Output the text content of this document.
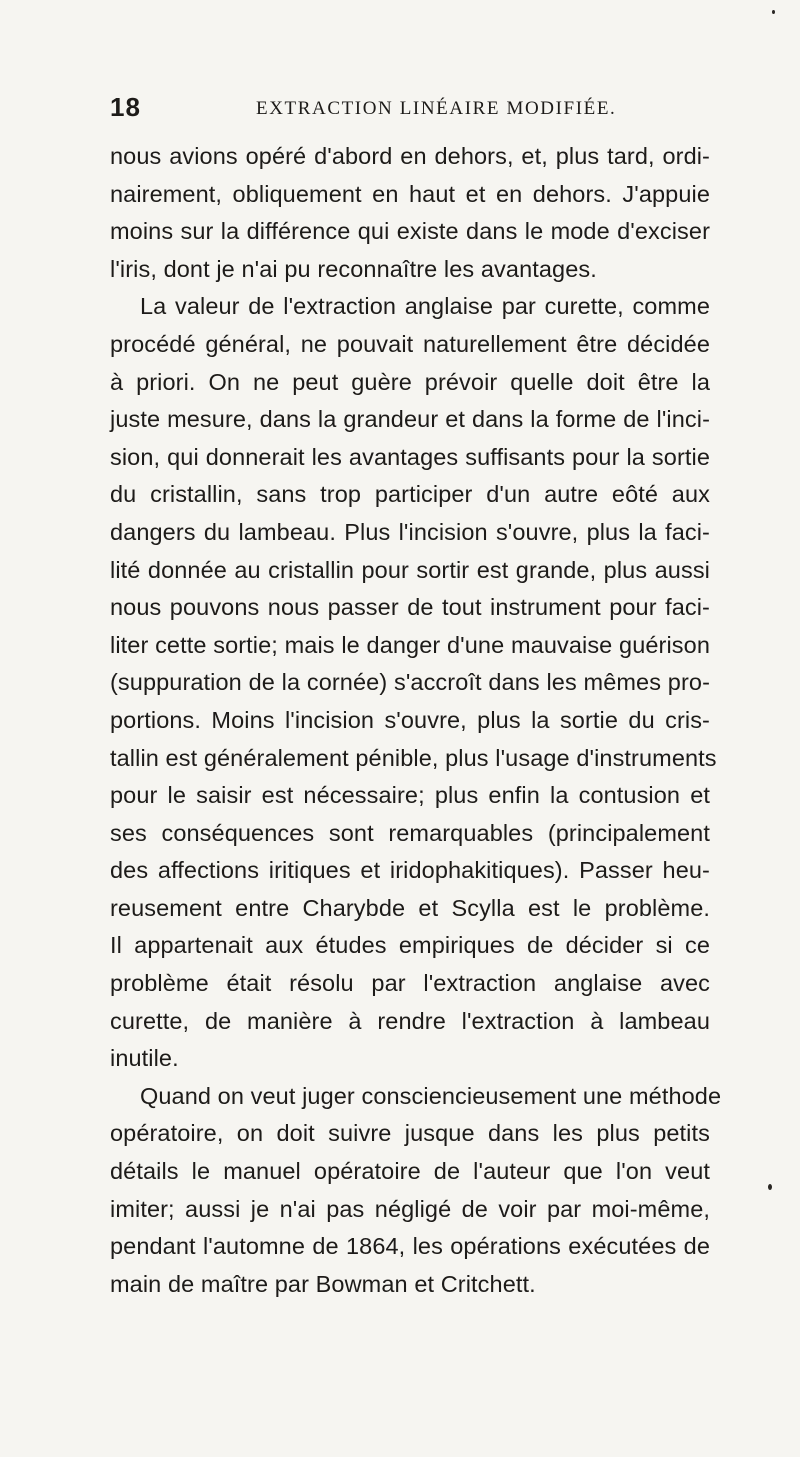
18	EXTRACTION LINÉAIRE MODIFIÉE.
nous avions opéré d'abord en dehors, et, plus tard, ordi-
nairement, obliquement en haut et en dehors. J'appuie
moins sur la différence qui existe dans le mode d'exciser
l'iris, dont je n'ai pu reconnaître les avantages.
La valeur de l'extraction anglaise par curette, comme
procédé général, ne pouvait naturellement être décidée
à priori. On ne peut guère prévoir quelle doit être la
juste mesure, dans la grandeur et dans la forme de l'inci-
sion, qui donnerait les avantages suffisants pour la sortie
du cristallin, sans trop participer d'un autre eôté aux
dangers du lambeau. Plus l'incision s'ouvre, plus la faci-
lité donnée au cristallin pour sortir est grande, plus aussi
nous pouvons nous passer de tout instrument pour faci-
liter cette sortie; mais le danger d'une mauvaise guérison
(suppuration de la cornée) s'accroît dans les mêmes pro-
portions. Moins l'incision s'ouvre, plus la sortie du cris-
tallin est généralement pénible, plus l'usage d'instruments
pour le saisir est nécessaire; plus enfin la contusion et
ses conséquences sont remarquables (principalement
des affections iritiques et iridophakitiques). Passer heu-
reusement entre Charybde et Scylla est le problème.
Il appartenait aux études empiriques de décider si ce
problème était résolu par l'extraction anglaise avec
curette, de manière à rendre l'extraction à lambeau
inutile.
Quand on veut juger consciencieusement une méthode
opératoire, on doit suivre jusque dans les plus petits
détails le manuel opératoire de l'auteur que l'on veut
imiter; aussi je n'ai pas négligé de voir par moi-même,
pendant l'automne de 1864, les opérations exécutées de
main de maître par Bowman et Critchett.
